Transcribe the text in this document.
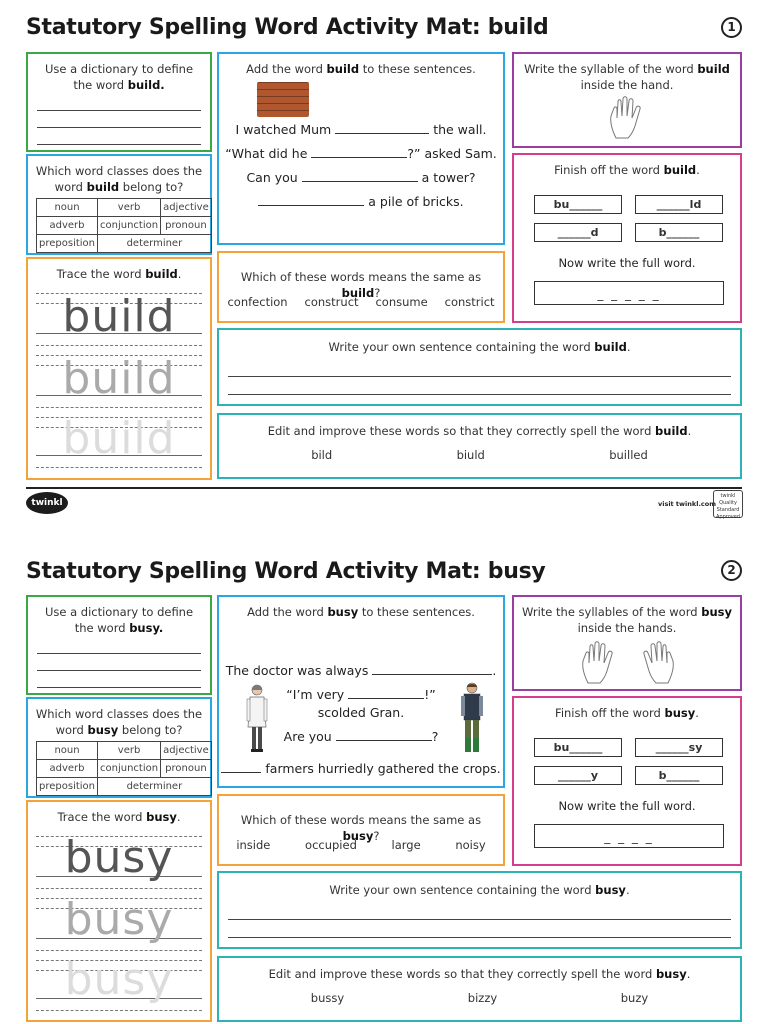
Statutory Spelling Word Activity Mat: build	1
Use a dictionary to define the word build.
Which word classes does the word build belong to?
noun	verb	adjective
adverb	conjunction	pronoun
preposition	determiner	
Trace the word build.
build
build
build
Add the word build to these sentences.
I watched Mum	the wall.
“What did he	?” asked Sam.
Can you	a tower?
a pile of bricks.
Which of these words means the same as build?
confection construct consume constrict
Write the syllable of the word build inside the hand.
Finish off the word build.
bu______	______ld
______d	b______
Now write the full word.
_ _ _ _ _
Write your own sentence containing the word build.
Edit and improve these words so that they correctly spell the word build.
bild	biuld	builled
twinkl	visit twinkl.com
twinkl Quality Standard Approved
Statutory Spelling Word Activity Mat: busy	2
Use a dictionary to define the word busy.
Which word classes does the word busy belong to?
noun	verb	adjective
adverb	conjunction	pronoun
preposition	determiner	
Trace the word busy.
busy
busy
busy
Add the word busy to these sentences.
The doctor was always	.
“I’m very	!”
scolded Gran.
Are you	?
farmers hurriedly gathered the crops.
Which of these words means the same as busy?
inside	occupied	large	noisy
Write the syllables of the word busy inside the hands.
Finish off the word busy.
bu______	______sy
______y	b______
Now write the full word.
_ _ _ _
Write your own sentence containing the word busy.
Edit and improve these words so that they correctly spell the word busy.
bussy	bizzy	buzy
